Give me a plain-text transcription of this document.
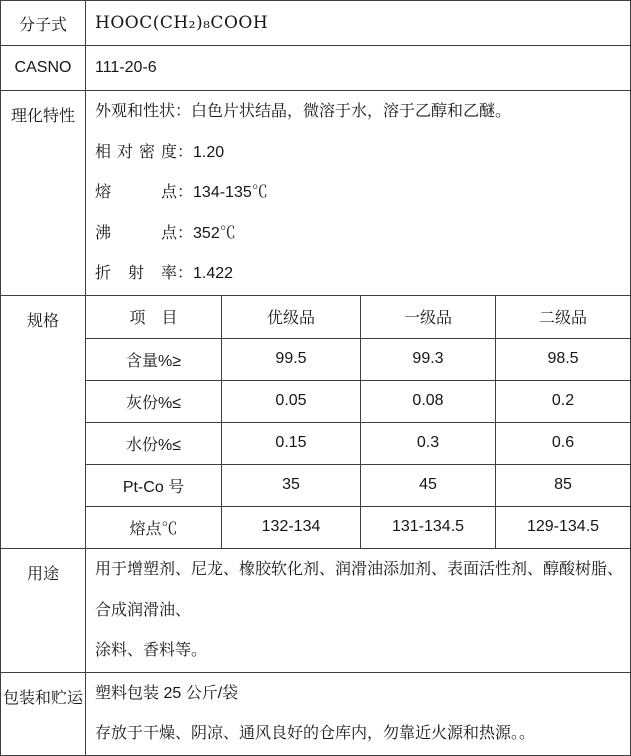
分子式	HOOC(CH₂)₈COOH			
CASNO	111-20-6			
理化特性	外观和性状：白色片状结晶，微溶于水，溶于乙醇和乙醚。
相对密度：1.20
熔点：134-135℃
沸点：352℃
折射率：1.422			

规格	项　目	优级品	一级品	二级品
	含量%≥	99.5	99.3	98.5
	灰份%≤	0.05	0.08	0.2
	水份%≤	0.15	0.3	0.6
	Pt-Co 号	35	45	85
	熔点℃	132-134	131-134.5	129-134.5
用途	用于增塑剂、尼龙、橡胶软化剂、润滑油添加剂、表面活性剂、醇酸树脂、合成润滑油、
涂料、香料等。			

包装和贮运	塑料包装 25 公斤/袋
存放于干燥、阴凉、通风良好的仓库内，勿靠近火源和热源。。			
